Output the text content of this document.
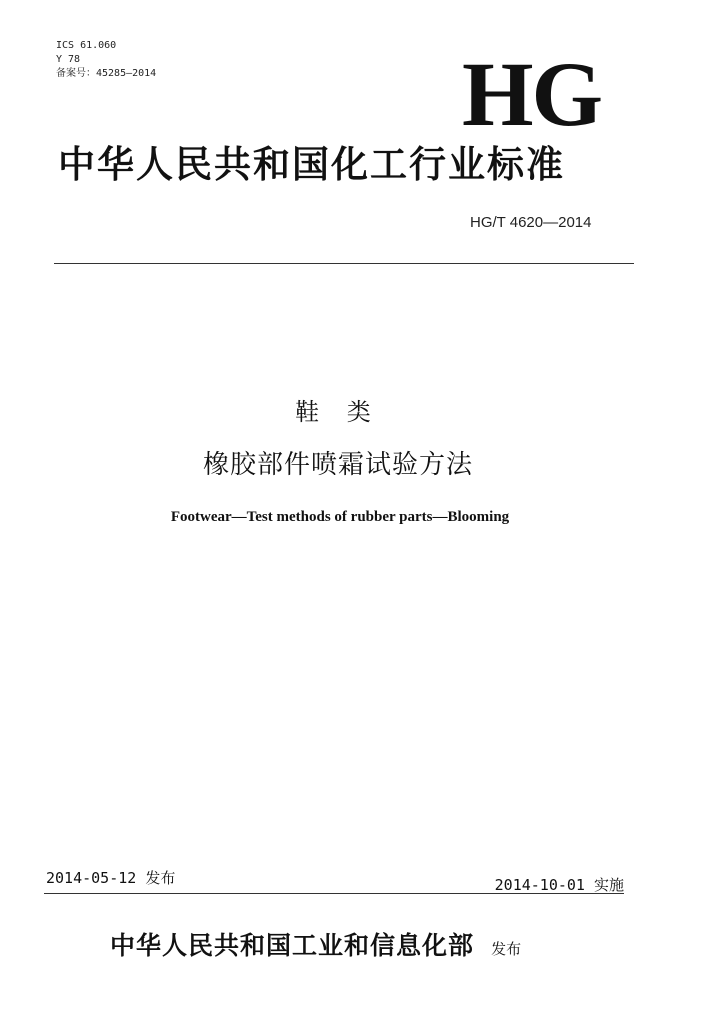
ICS 61.060
Y 78
备案号：45285—2014	HG
中华人民共和国化工行业标准
HG/T 4620—2014
鞋 类
橡胶部件喷霜试验方法
Footwear—Test methods of rubber parts—Blooming
2014-05-12 发布	2014-10-01 实施
中华人民共和国工业和信息化部 发布
